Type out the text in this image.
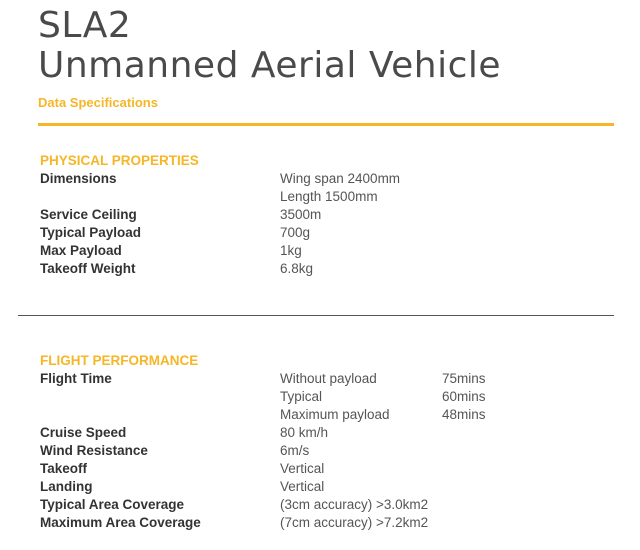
SLA2
Unmanned Aerial Vehicle
Data Specifications
PHYSICAL PROPERTIES
Dimensions	Wing span 2400mm
Length 1500mm
Service Ceiling	3500m
Typical Payload	700g
Max Payload	1kg
Takeoff Weight	6.8kg
FLIGHT PERFORMANCE
Flight Time	Without payload	75mins
Typical	60mins
Maximum payload	48mins
Cruise Speed	80 km/h
Wind Resistance	6m/s
Takeoff	Vertical
Landing	Vertical
Typical Area Coverage	(3cm accuracy) >3.0km2
Maximum Area Coverage	(7cm accuracy) >7.2km2
